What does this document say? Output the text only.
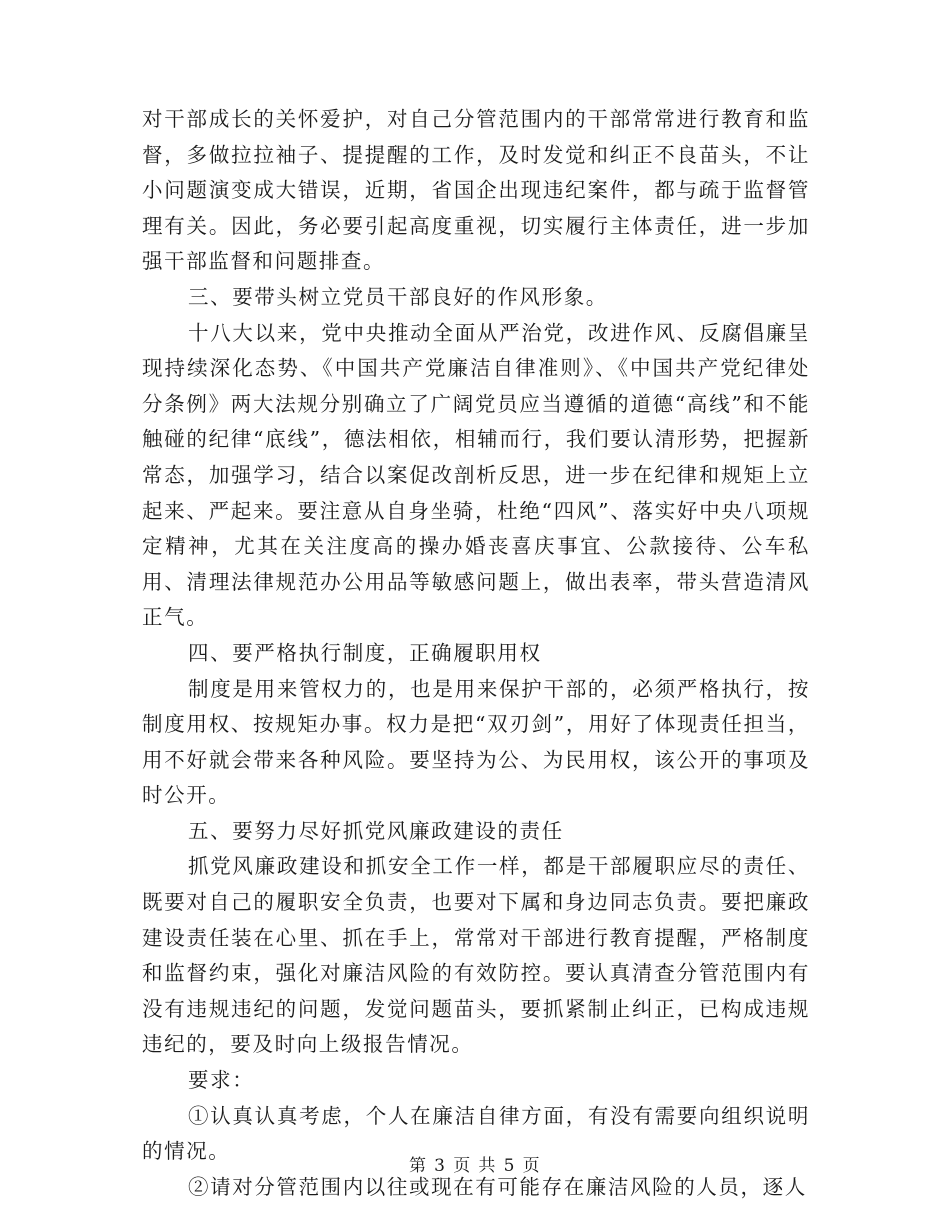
对干部成长的关怀爱护，对自己分管范围内的干部常常进行教育和监督，多做拉拉袖子、提提醒的工作，及时发觉和纠正不良苗头，不让小问题演变成大错误，近期，省国企出现违纪案件，都与疏于监督管理有关。因此，务必要引起高度重视，切实履行主体责任，进一步加强干部监督和问题排查。

三、要带头树立党员干部良好的作风形象。

十八大以来，党中央推动全面从严治党，改进作风、反腐倡廉呈现持续深化态势、《中国共产党廉洁自律准则》、《中国共产党纪律处分条例》两大法规分别确立了广阔党员应当遵循的道德“高线”和不能触碰的纪律“底线”，德法相依，相辅而行，我们要认清形势，把握新常态，加强学习，结合以案促改剖析反思，进一步在纪律和规矩上立起来、严起来。要注意从自身坐骑，杜绝“四风”、落实好中央八项规定精神，尤其在关注度高的操办婚丧喜庆事宜、公款接待、公车私用、清理法律规范办公用品等敏感问题上，做出表率，带头营造清风正气。

四、要严格执行制度，正确履职用权

制度是用来管权力的，也是用来保护干部的，必须严格执行，按制度用权、按规矩办事。权力是把“双刃剑”，用好了体现责任担当，用不好就会带来各种风险。要坚持为公、为民用权，该公开的事项及时公开。

五、要努力尽好抓党风廉政建设的责任

抓党风廉政建设和抓安全工作一样，都是干部履职应尽的责任、既要对自己的履职安全负责，也要对下属和身边同志负责。要把廉政建设责任装在心里、抓在手上，常常对干部进行教育提醒，严格制度和监督约束，强化对廉洁风险的有效防控。要认真清查分管范围内有没有违规违纪的问题，发觉问题苗头，要抓紧制止纠正，已构成违规违纪的，要及时向上级报告情况。

要求：

①认真认真考虑，个人在廉洁自律方面，有没有需要向组织说明的情况。

②请对分管范围内以往或现在有可能存在廉洁风险的人员，逐人

第 3 页 共 5 页
